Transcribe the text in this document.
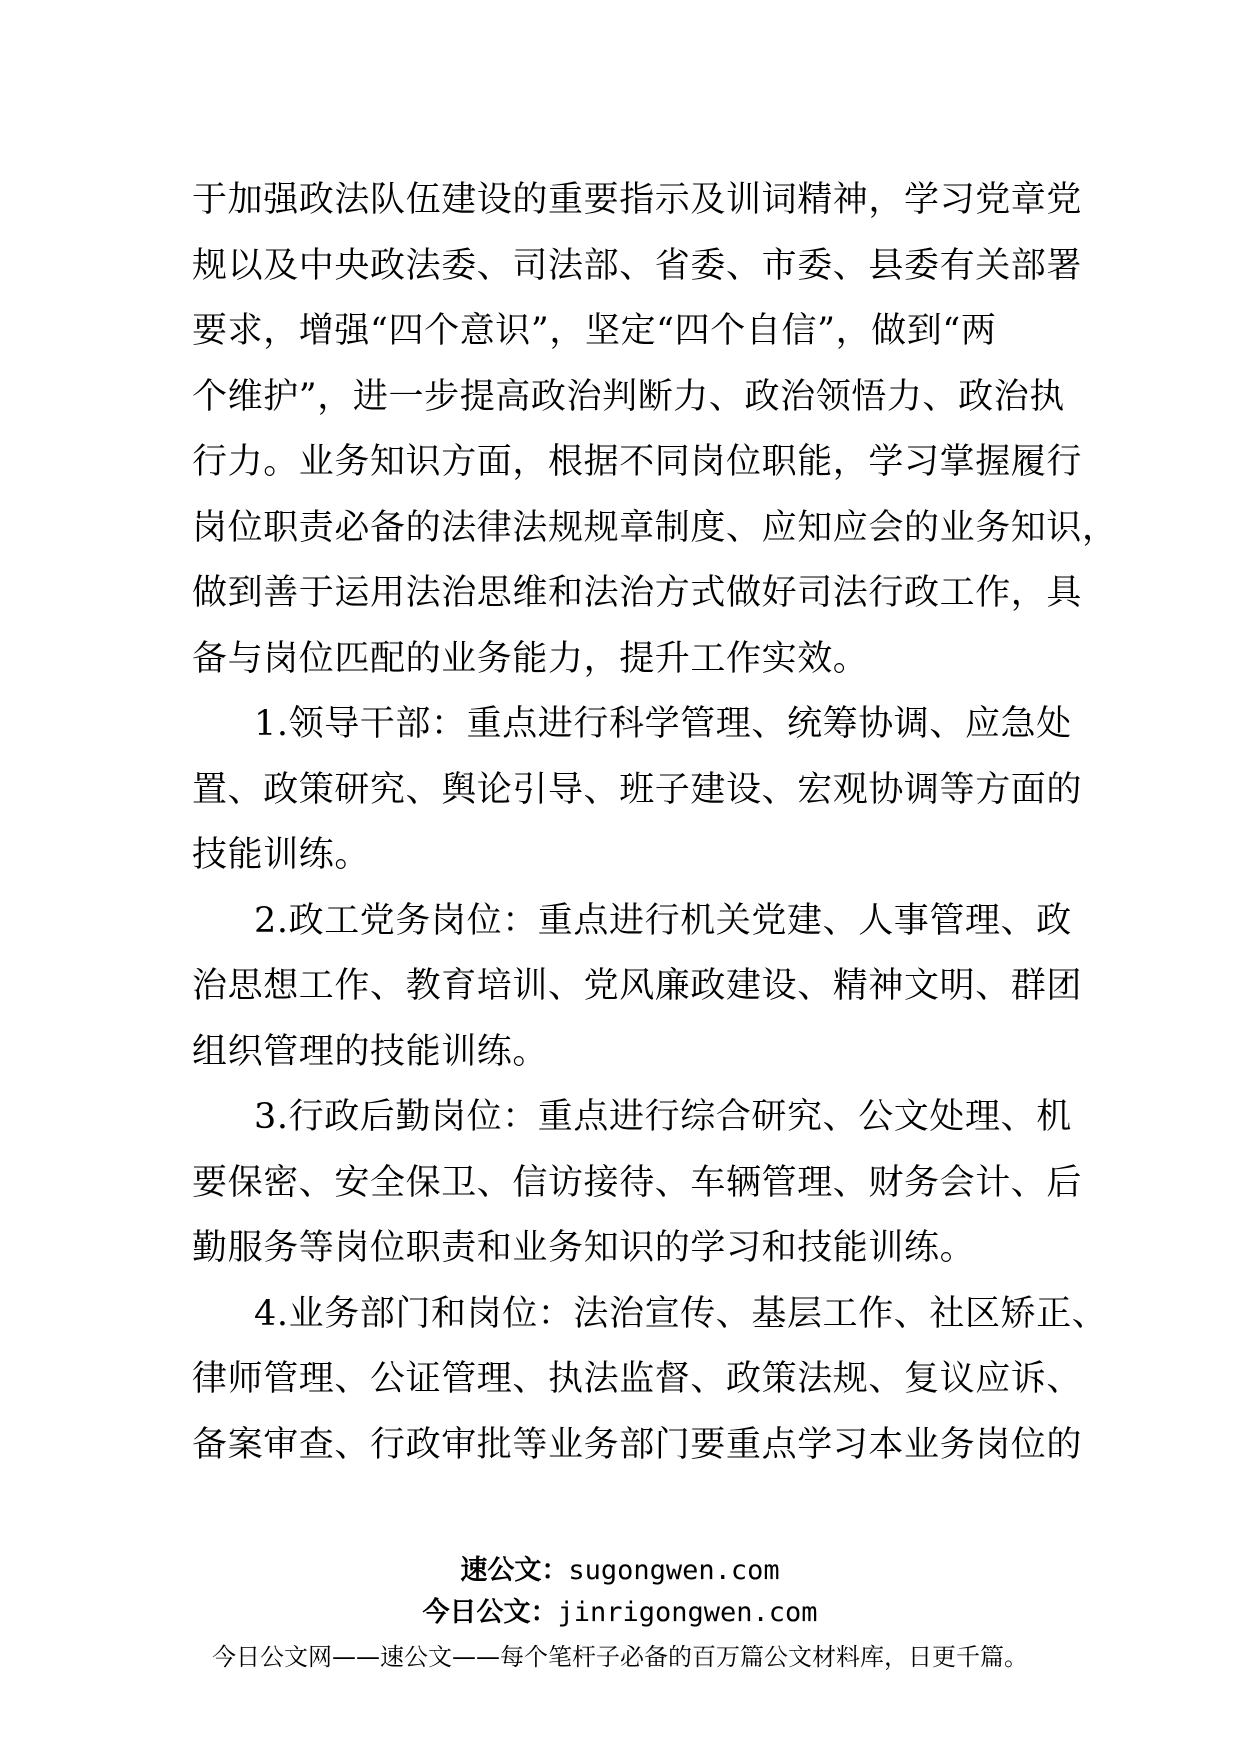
于加强政法队伍建设的重要指示及训词精神，学习党章党
规以及中央政法委、司法部、省委、市委、县委有关部署
要求，增强“四个意识”，坚定“四个自信”，做到“两
个维护”，进一步提高政治判断力、政治领悟力、政治执
行力。业务知识方面，根据不同岗位职能，学习掌握履行
岗位职责必备的法律法规规章制度、应知应会的业务知识，
做到善于运用法治思维和法治方式做好司法行政工作，具
备与岗位匹配的业务能力，提升工作实效。
1.领导干部：重点进行科学管理、统筹协调、应急处
置、政策研究、舆论引导、班子建设、宏观协调等方面的
技能训练。
2.政工党务岗位：重点进行机关党建、人事管理、政
治思想工作、教育培训、党风廉政建设、精神文明、群团
组织管理的技能训练。
3.行政后勤岗位：重点进行综合研究、公文处理、机
要保密、安全保卫、信访接待、车辆管理、财务会计、后
勤服务等岗位职责和业务知识的学习和技能训练。
4.业务部门和岗位：法治宣传、基层工作、社区矫正、
律师管理、公证管理、执法监督、政策法规、复议应诉、
备案审查、行政审批等业务部门要重点学习本业务岗位的
速公文：sugongwen.com
今日公文：jinrigongwen.com
今日公文网——速公文——每个笔杆子必备的百万篇公文材料库，日更千篇。
